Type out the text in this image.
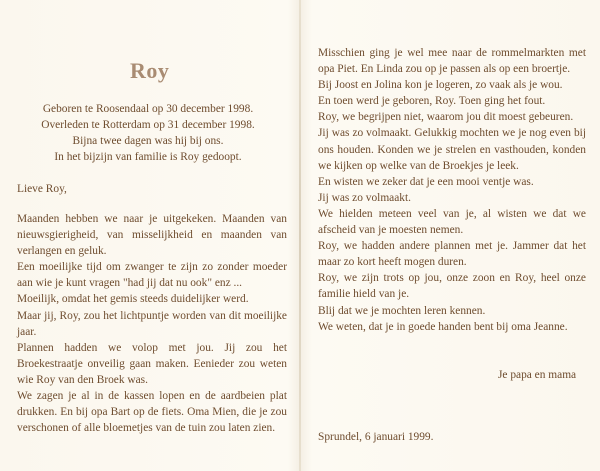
Roy
Geboren te Roosendaal op 30 december 1998.
Overleden te Rotterdam op 31 december 1998.
Bijna twee dagen was hij bij ons.
In het bijzijn van familie is Roy gedoopt.
Lieve Roy,

Maanden hebben we naar je uitgekeken. Maanden van nieuwsgierigheid, van misselijkheid en maanden van verlangen en geluk.

Een moeilijke tijd om zwanger te zijn zo zonder moeder aan wie je kunt vragen "had jij dat nu ook" enz ...

Moeilijk, omdat het gemis steeds duidelijker werd.

Maar jij, Roy, zou het lichtpuntje worden van dit moeilijke jaar.

Plannen hadden we volop met jou. Jij zou het Broekestraatje onveilig gaan maken. Eenieder zou weten wie Roy van den Broek was.

We zagen je al in de kassen lopen en de aardbeien plat drukken. En bij opa Bart op de fiets. Oma Mien, die je zou verschonen of alle bloemetjes van de tuin zou laten zien.

Misschien ging je wel mee naar de rommelmarkten met opa Piet. En Linda zou op je passen als op een broertje.

Bij Joost en Jolina kon je logeren, zo vaak als je wou.

En toen werd je geboren, Roy. Toen ging het fout.

Roy, we begrijpen niet, waarom jou dit moest gebeuren.

Jij was zo volmaakt. Gelukkig mochten we je nog even bij ons houden. Konden we je strelen en vasthouden, konden we kijken op welke van de Broekjes je leek.

En wisten we zeker dat je een mooi ventje was.

Jij was zo volmaakt.

We hielden meteen veel van je, al wisten we dat we afscheid van je moesten nemen.

Roy, we hadden andere plannen met je. Jammer dat het maar zo kort heeft mogen duren.

Roy, we zijn trots op jou, onze zoon en Roy, heel onze familie hield van je.

Blij dat we je mochten leren kennen.

We weten, dat je in goede handen bent bij oma Jeanne.

Je papa en mama
Sprundel, 6 januari 1999.
